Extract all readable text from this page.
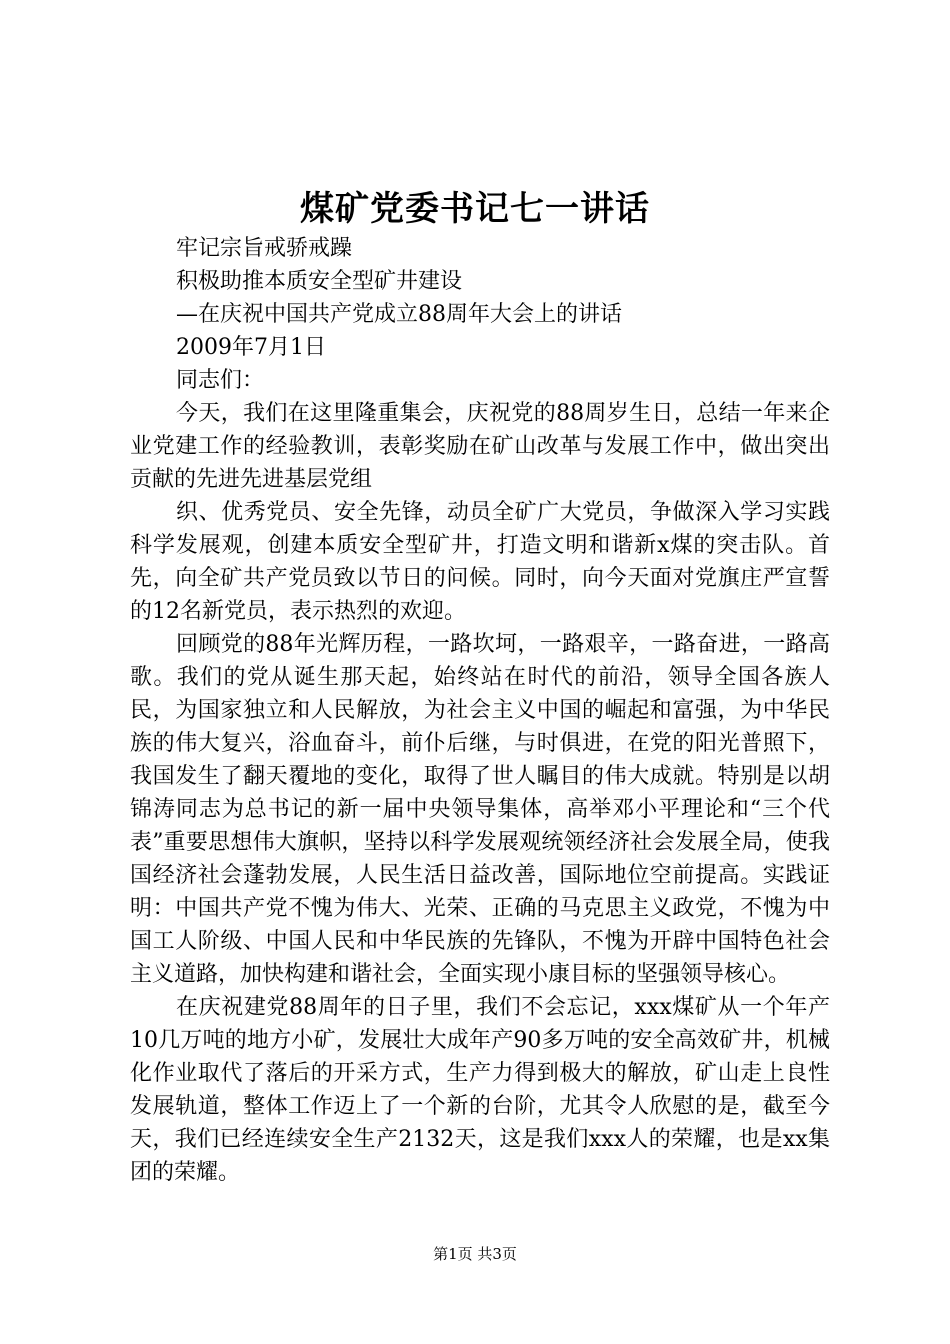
煤矿党委书记七一讲话

牢记宗旨戒骄戒躁

积极助推本质安全型矿井建设

—在庆祝中国共产党成立88周年大会上的讲话

2009年7月1日

同志们：

今天，我们在这里隆重集会，庆祝党的88周岁生日，总结一年来企业党建工作的经验教训，表彰奖励在矿山改革与发展工作中，做出突出贡献的先进先进基层党组

织、优秀党员、安全先锋，动员全矿广大党员，争做深入学习实践科学发展观，创建本质安全型矿井，打造文明和谐新x煤的突击队。首先，向全矿共产党员致以节日的问候。同时，向今天面对党旗庄严宣誓的12名新党员，表示热烈的欢迎。

回顾党的88年光辉历程，一路坎坷，一路艰辛，一路奋进，一路高歌。我们的党从诞生那天起，始终站在时代的前沿，领导全国各族人民，为国家独立和人民解放，为社会主义中国的崛起和富强，为中华民族的伟大复兴，浴血奋斗，前仆后继，与时俱进，在党的阳光普照下，我国发生了翻天覆地的变化，取得了世人瞩目的伟大成就。特别是以胡锦涛同志为总书记的新一届中央领导集体，高举邓小平理论和“三个代表”重要思想伟大旗帜，坚持以科学发展观统领经济社会发展全局，使我国经济社会蓬勃发展，人民生活日益改善，国际地位空前提高。实践证明：中国共产党不愧为伟大、光荣、正确的马克思主义政党，不愧为中国工人阶级、中国人民和中华民族的先锋队，不愧为开辟中国特色社会主义道路，加快构建和谐社会，全面实现小康目标的坚强领导核心。

在庆祝建党88周年的日子里，我们不会忘记，xxx煤矿从一个年产10几万吨的地方小矿，发展壮大成年产90多万吨的安全高效矿井，机械化作业取代了落后的开采方式，生产力得到极大的解放，矿山走上良性发展轨道，整体工作迈上了一个新的台阶，尤其令人欣慰的是，截至今天，我们已经连续安全生产2132天，这是我们xxx人的荣耀，也是xx集团的荣耀。

第1页 共3页
